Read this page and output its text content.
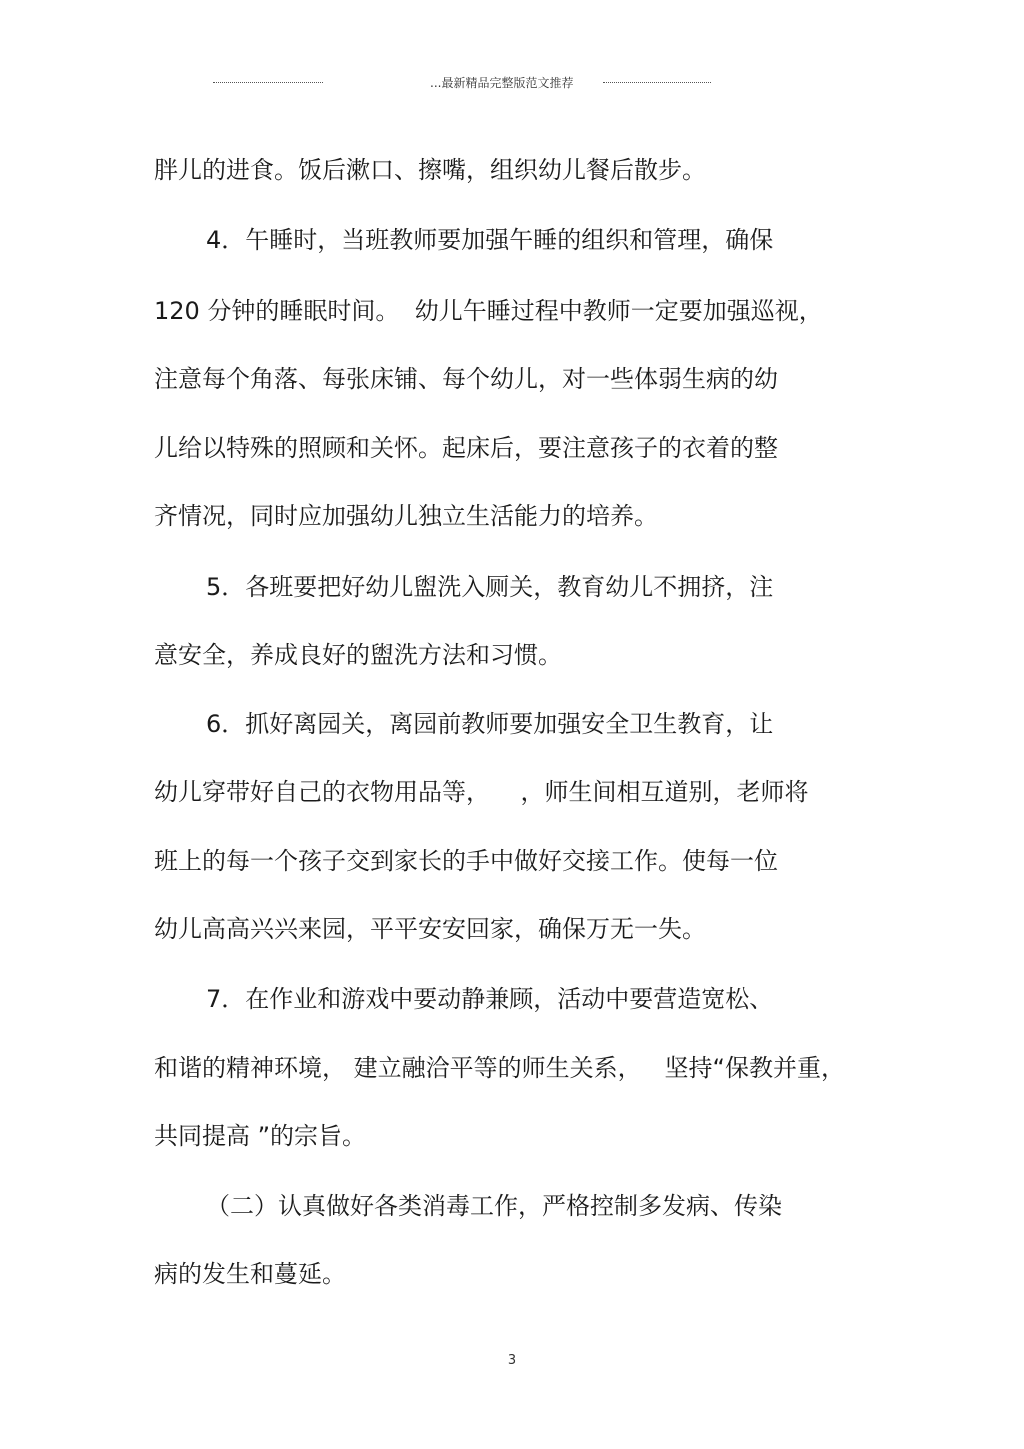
...最新精品完整版范文推荐
胖儿的进食。饭后漱口、擦嘴，组织幼儿餐后散步。
4．午睡时，当班教师要加强午睡的组织和管理，确保
120 分钟的睡眠时间。  幼儿午睡过程中教师一定要加强巡视，
注意每个角落、每张床铺、每个幼儿，对一些体弱生病的幼
儿给以特殊的照顾和关怀。起床后，要注意孩子的衣着的整
齐情况，同时应加强幼儿独立生活能力的培养。
5．各班要把好幼儿盥洗入厕关，教育幼儿不拥挤，注
意安全，养成良好的盥洗方法和习惯。
6．抓好离园关，离园前教师要加强安全卫生教育，让
幼儿穿带好自己的衣物用品等，    ，师生间相互道别，老师将
班上的每一个孩子交到家长的手中做好交接工作。使每一位
幼儿高高兴兴来园，平平安安回家，确保万无一失。
7．在作业和游戏中要动静兼顾，活动中要营造宽松、
和谐的精神环境， 建立融洽平等的师生关系，   坚持“保教并重，
共同提高 ”的宗旨。
（二）认真做好各类消毒工作，严格控制多发病、传染
病的发生和蔓延。
3
